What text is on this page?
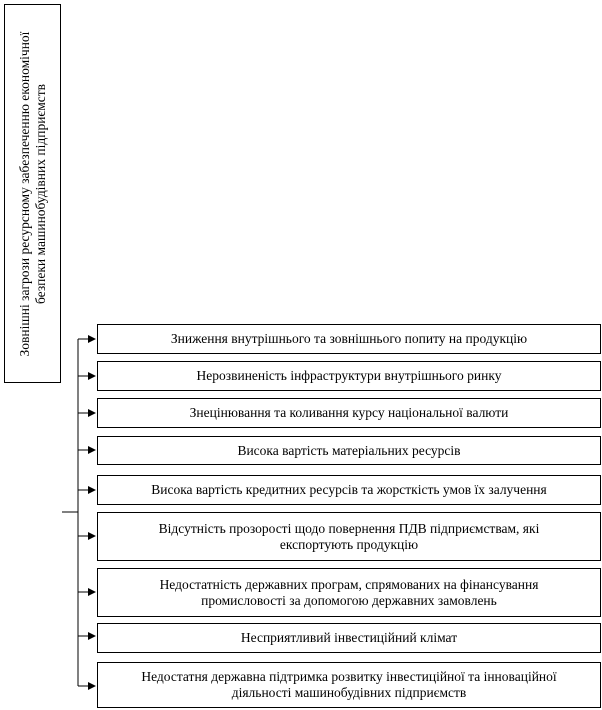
Зовнішні загрози ресурсному забезпеченню економічної безпеки машинобудівних підприємств
Зниження внутрішнього та зовнішнього попиту на продукцію
Нерозвиненість інфраструктури внутрішнього ринку
Знецінювання та коливання курсу національної валюти
Висока вартість матеріальних ресурсів
Висока вартість кредитних ресурсів та жорсткість умов їх залучення
Відсутність прозорості щодо повернення ПДВ підприємствам, які експортують продукцію
Недостатність державних програм, спрямованих на фінансування промисловості за допомогою державних замовлень
Несприятливий інвестиційний клімат
Недостатня державна підтримка розвитку інвестиційної та інноваційної діяльності машинобудівних підприємств
